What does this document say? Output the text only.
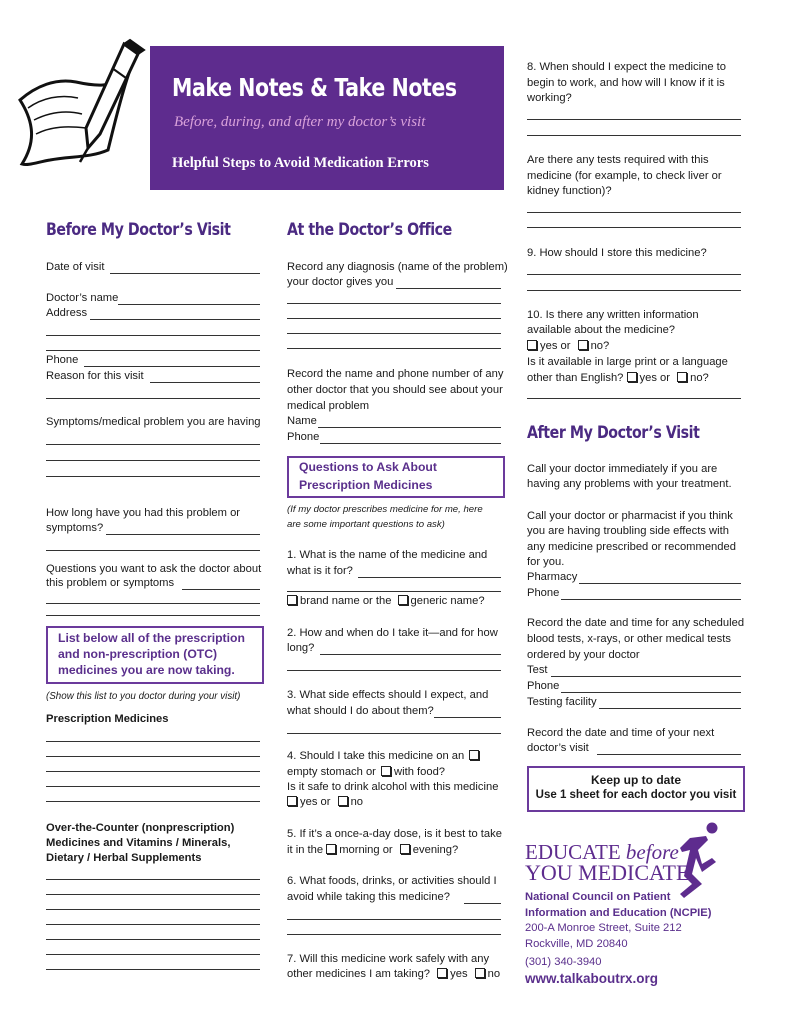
Make Notes & Take Notes
Before, during, and after my doctor’s visit
Helpful Steps to Avoid Medication Errors
Before My Doctor’s Visit
Date of visit
Doctor’s name
Address
Phone
Reason for this visit
Symptoms/medical problem you are having
How long have you had this problem or
symptoms?
Questions you want to ask the doctor about
this problem or symptoms
List below all of the prescription
and non-prescription (OTC)
medicines you are now taking.
(Show this list to you doctor during your visit)
Prescription Medicines
Over-the-Counter (nonprescription)
Medicines and Vitamins / Minerals,
Dietary / Herbal Supplements
At the Doctor’s Office
Record any diagnosis (name of the problem)
your doctor gives you
Record the name and phone number of any
other doctor that you should see about your
medical problem
Name
Phone
Questions to Ask About
Prescription Medicines
(If my doctor prescribes medicine for me, here
are some important questions to ask)
1. What is the name of the medicine and
what is it for?
brand name or the generic name?
2. How and when do I take it—and for how
long?
3. What side effects should I expect, and
what should I do about them?
4. Should I take this medicine on an
empty stomach or with food?
Is it safe to drink alcohol with this medicine
yes or no
5. If it’s a once-a-day dose, is it best to take
it in the morning or evening?
6. What foods, drinks, or activities should I
avoid while taking this medicine?
7. Will this medicine work safely with any
other medicines I am taking? yes no
8. When should I expect the medicine to
begin to work, and how will I know if it is
working?
Are there any tests required with this
medicine (for example, to check liver or
kidney function)?
9. How should I store this medicine?
10. Is there any written information
available about the medicine?
yes or no?
Is it available in large print or a language
other than English? yes or no?
After My Doctor’s Visit
Call your doctor immediately if you are
having any problems with your treatment.
Call your doctor or pharmacist if you think
you are having troubling side effects with
any medicine prescribed or recommended
for you.
Pharmacy
Phone
Record the date and time for any scheduled
blood tests, x-rays, or other medical tests
ordered by your doctor
Test
Phone
Testing facility
Record the date and time of your next
doctor’s visit
Keep up to date
Use 1 sheet for each doctor you visit
EDUCATE before
YOU MEDICATE
National Council on Patient
Information and Education (NCPIE)
200-A Monroe Street, Suite 212
Rockville, MD 20840
(301) 340-3940
www.talkaboutrx.org
